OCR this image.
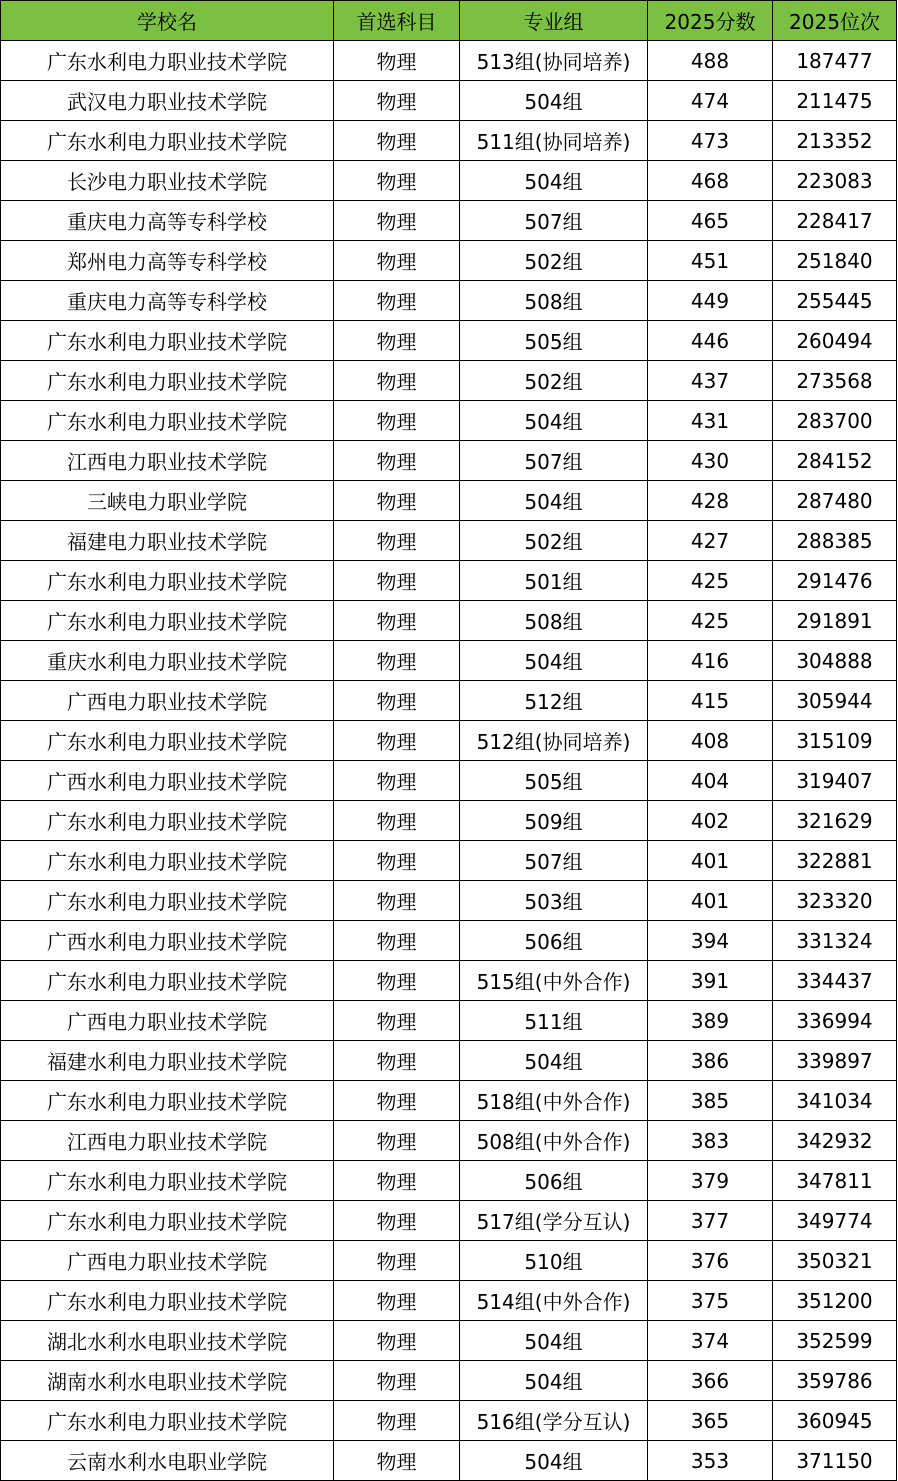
学校名	首选科目	专业组	2025分数	2025位次
广东水利电力职业技术学院	物理	513组(协同培养)	488	187477
武汉电力职业技术学院	物理	504组	474	211475
广东水利电力职业技术学院	物理	511组(协同培养)	473	213352
长沙电力职业技术学院	物理	504组	468	223083
重庆电力高等专科学校	物理	507组	465	228417
郑州电力高等专科学校	物理	502组	451	251840
重庆电力高等专科学校	物理	508组	449	255445
广东水利电力职业技术学院	物理	505组	446	260494
广东水利电力职业技术学院	物理	502组	437	273568
广东水利电力职业技术学院	物理	504组	431	283700
江西电力职业技术学院	物理	507组	430	284152
三峡电力职业学院	物理	504组	428	287480
福建电力职业技术学院	物理	502组	427	288385
广东水利电力职业技术学院	物理	501组	425	291476
广东水利电力职业技术学院	物理	508组	425	291891
重庆水利电力职业技术学院	物理	504组	416	304888
广西电力职业技术学院	物理	512组	415	305944
广东水利电力职业技术学院	物理	512组(协同培养)	408	315109
广西水利电力职业技术学院	物理	505组	404	319407
广东水利电力职业技术学院	物理	509组	402	321629
广东水利电力职业技术学院	物理	507组	401	322881
广东水利电力职业技术学院	物理	503组	401	323320
广西水利电力职业技术学院	物理	506组	394	331324
广东水利电力职业技术学院	物理	515组(中外合作)	391	334437
广西电力职业技术学院	物理	511组	389	336994
福建水利电力职业技术学院	物理	504组	386	339897
广东水利电力职业技术学院	物理	518组(中外合作)	385	341034
江西电力职业技术学院	物理	508组(中外合作)	383	342932
广东水利电力职业技术学院	物理	506组	379	347811
广东水利电力职业技术学院	物理	517组(学分互认)	377	349774
广西电力职业技术学院	物理	510组	376	350321
广东水利电力职业技术学院	物理	514组(中外合作)	375	351200
湖北水利水电职业技术学院	物理	504组	374	352599
湖南水利水电职业技术学院	物理	504组	366	359786
广东水利电力职业技术学院	物理	516组(学分互认)	365	360945
云南水利水电职业学院	物理	504组	353	371150
